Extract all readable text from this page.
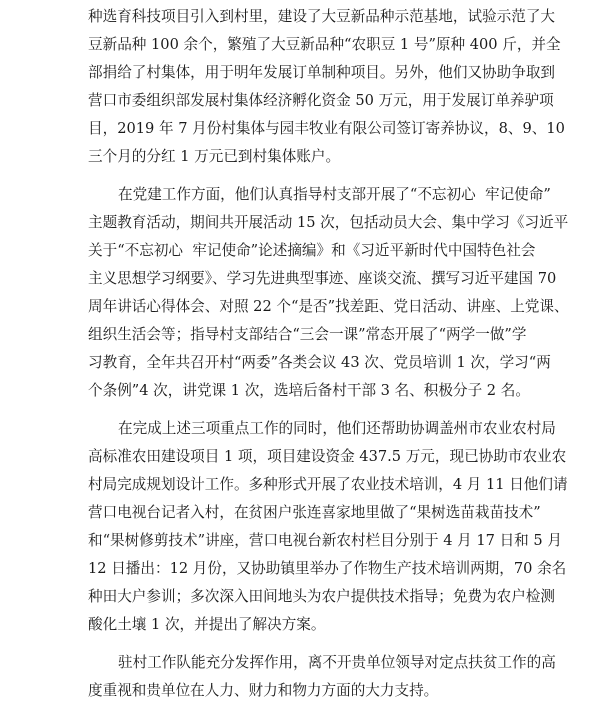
种选育科技项目引入到村里，建设了大豆新品种示范基地，试验示范了大
豆新品种 100 余个，繁殖了大豆新品种“农职豆 1 号”原种 400 斤，并全
部捐给了村集体，用于明年发展订单制种项目。另外，他们又协助争取到
营口市委组织部发展村集体经济孵化资金 50 万元，用于发展订单养驴项
目，2019 年 7 月份村集体与园丰牧业有限公司签订寄养协议，8、9、10
三个月的分红 1 万元已到村集体账户。
在党建工作方面，他们认真指导村支部开展了“不忘初心  牢记使命”
主题教育活动，期间共开展活动 15 次，包括动员大会、集中学习《习近平
关于“不忘初心  牢记使命”论述摘编》和《习近平新时代中国特色社会
主义思想学习纲要》、学习先进典型事迹、座谈交流、撰写习近平建国 70
周年讲话心得体会、对照 22 个“是否”找差距、党日活动、讲座、上党课、
组织生活会等；指导村支部结合“三会一课”常态开展了“两学一做”学
习教育，全年共召开村“两委”各类会议 43 次、党员培训 1 次，学习“两
个条例”4 次，讲党课 1 次，选培后备村干部 3 名、积极分子 2 名。
在完成上述三项重点工作的同时，他们还帮助协调盖州市农业农村局
高标准农田建设项目 1 项，项目建设资金 437.5 万元，现已协助市农业农
村局完成规划设计工作。多种形式开展了农业技术培训，4 月 11 日他们请
营口电视台记者入村，在贫困户张连喜家地里做了“果树选苗栽苗技术”
和“果树修剪技术”讲座，营口电视台新农村栏目分别于 4 月 17 日和 5 月
12 日播出：12 月份，又协助镇里举办了作物生产技术培训两期，70 余名
种田大户参训；多次深入田间地头为农户提供技术指导；免费为农户检测
酸化土壤 1 次，并提出了解决方案。
驻村工作队能充分发挥作用，离不开贵单位领导对定点扶贫工作的高
度重视和贵单位在人力、财力和物力方面的大力支持。
